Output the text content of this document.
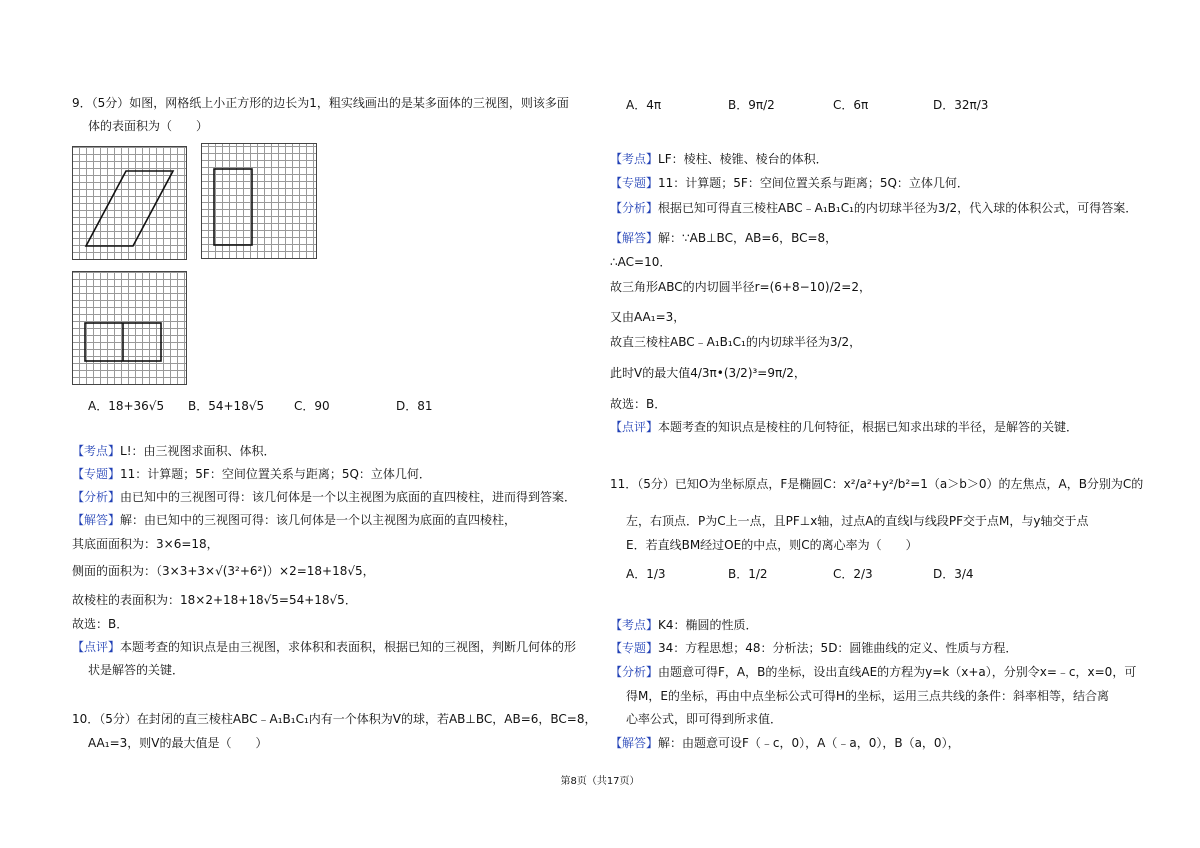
9．（5分）如图，网格纸上小正方形的边长为1，粗实线画出的是某多面体的三视图，则该多面
体的表面积为（　　）
A．18+36√5 B．54+18√5 C．90	D．81
【考点】L!：由三视图求面积、体积．
【专题】11：计算题；5F：空间位置关系与距离；5Q：立体几何．
【分析】由已知中的三视图可得：该几何体是一个以主视图为底面的直四棱柱，进而得到答案．
【解答】解：由已知中的三视图可得：该几何体是一个以主视图为底面的直四棱柱，
其底面面积为：3×6=18，
侧面的面积为：（3×3+3×√(3²+6²)）×2=18+18√5，
故棱柱的表面积为：18×2+18+18√5=54+18√5．
故选：B．
【点评】本题考查的知识点是由三视图，求体积和表面积，根据已知的三视图，判断几何体的形
状是解答的关键．
10．（5分）在封闭的直三棱柱ABC﹣A₁B₁C₁内有一个体积为V的球，若AB⊥BC，AB=6，BC=8，
AA₁=3，则V的最大值是（　　）
A．4π	B．9π/2	C．6π	D．32π/3
【考点】LF：棱柱、棱锥、棱台的体积．
【专题】11：计算题；5F：空间位置关系与距离；5Q：立体几何．
【分析】根据已知可得直三棱柱ABC﹣A₁B₁C₁的内切球半径为3/2，代入球的体积公式，可得答案．
【解答】解：∵AB⊥BC，AB=6，BC=8，
∴AC=10．
故三角形ABC的内切圆半径r=(6+8−10)/2=2，
又由AA₁=3，
故直三棱柱ABC﹣A₁B₁C₁的内切球半径为3/2，
此时V的最大值4/3π•(3/2)³=9π/2，
故选：B．
【点评】本题考查的知识点是棱柱的几何特征，根据已知求出球的半径，是解答的关键．
11．（5分）已知O为坐标原点，F是椭圆C：x²/a²+y²/b²=1（a＞b＞0）的左焦点，A，B分别为C的
左，右顶点．P为C上一点，且PF⊥x轴，过点A的直线l与线段PF交于点M，与y轴交于点
E．若直线BM经过OE的中点，则C的离心率为（　　）
A．1/3	B．1/2	C．2/3	D．3/4
【考点】K4：椭圆的性质．
【专题】34：方程思想；48：分析法；5D：圆锥曲线的定义、性质与方程．
【分析】由题意可得F，A，B的坐标，设出直线AE的方程为y=k（x+a），分别令x=﹣c，x=0，可
得M，E的坐标，再由中点坐标公式可得H的坐标，运用三点共线的条件：斜率相等，结合离
心率公式，即可得到所求值．
【解答】解：由题意可设F（﹣c，0），A（﹣a，0），B（a，0），
第8页（共17页）
